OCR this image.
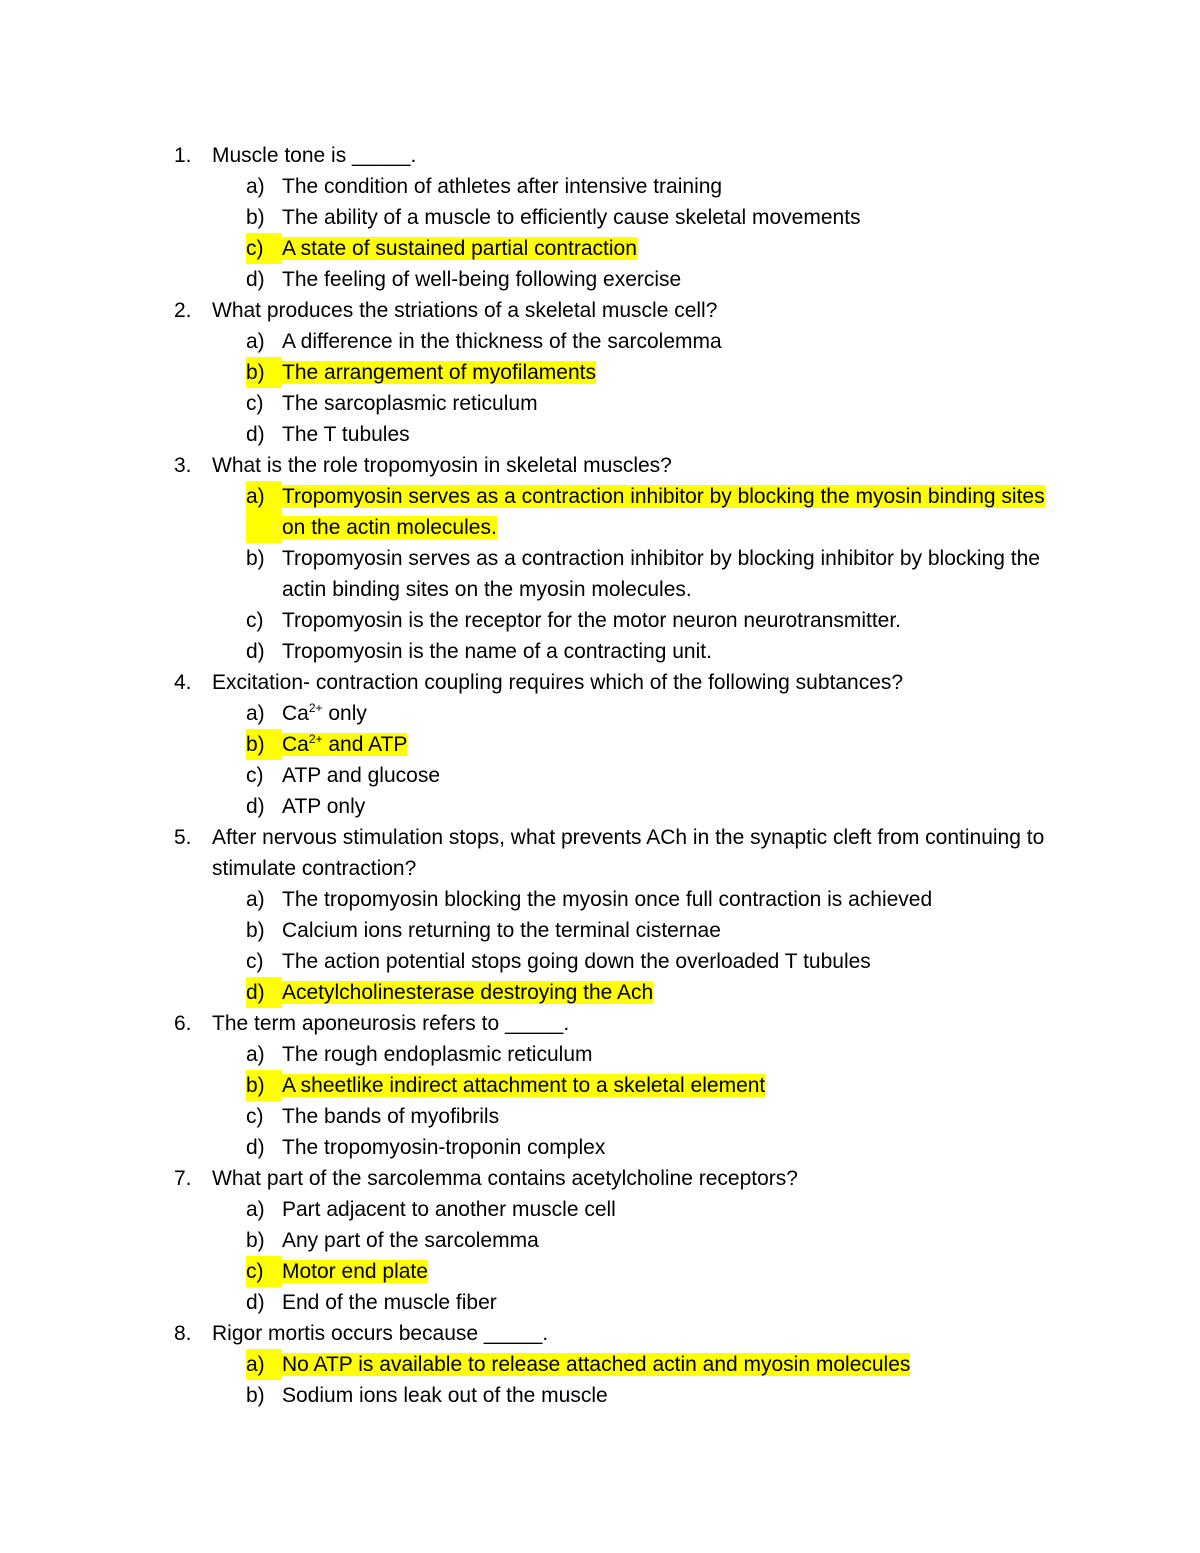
1. Muscle tone is _____.
a) The condition of athletes after intensive training
b) The ability of a muscle to efficiently cause skeletal movements
c) A state of sustained partial contraction
d) The feeling of well-being following exercise
2. What produces the striations of a skeletal muscle cell?
a) A difference in the thickness of the sarcolemma
b) The arrangement of myofilaments
c) The sarcoplasmic reticulum
d) The T tubules
3. What is the role tropomyosin in skeletal muscles?
a) Tropomyosin serves as a contraction inhibitor by blocking the myosin binding sites on the actin molecules.
b) Tropomyosin serves as a contraction inhibitor by blocking inhibitor by blocking the actin binding sites on the myosin molecules.
c) Tropomyosin is the receptor for the motor neuron neurotransmitter.
d) Tropomyosin is the name of a contracting unit.
4. Excitation- contraction coupling requires which of the following subtances?
a) $Ca^{2+}$ only
b) $Ca^{2+}$ and ATP
c) ATP and glucose
d) ATP only
5. After nervous stimulation stops, what prevents ACh in the synaptic cleft from continuing to stimulate contraction?
a) The tropomyosin blocking the myosin once full contraction is achieved
b) Calcium ions returning to the terminal cisternae
c) The action potential stops going down the overloaded T tubules
d) Acetylcholinesterase destroying the Ach
6. The term aponeurosis refers to _____.
a) The rough endoplasmic reticulum
b) A sheetlike indirect attachment to a skeletal element
c) The bands of myofibrils
d) The tropomyosin-troponin complex
7. What part of the sarcolemma contains acetylcholine receptors?
a) Part adjacent to another muscle cell
b) Any part of the sarcolemma
c) Motor end plate
d) End of the muscle fiber
8. Rigor mortis occurs because _____.
a) No ATP is available to release attached actin and myosin molecules
b) Sodium ions leak out of the muscle
